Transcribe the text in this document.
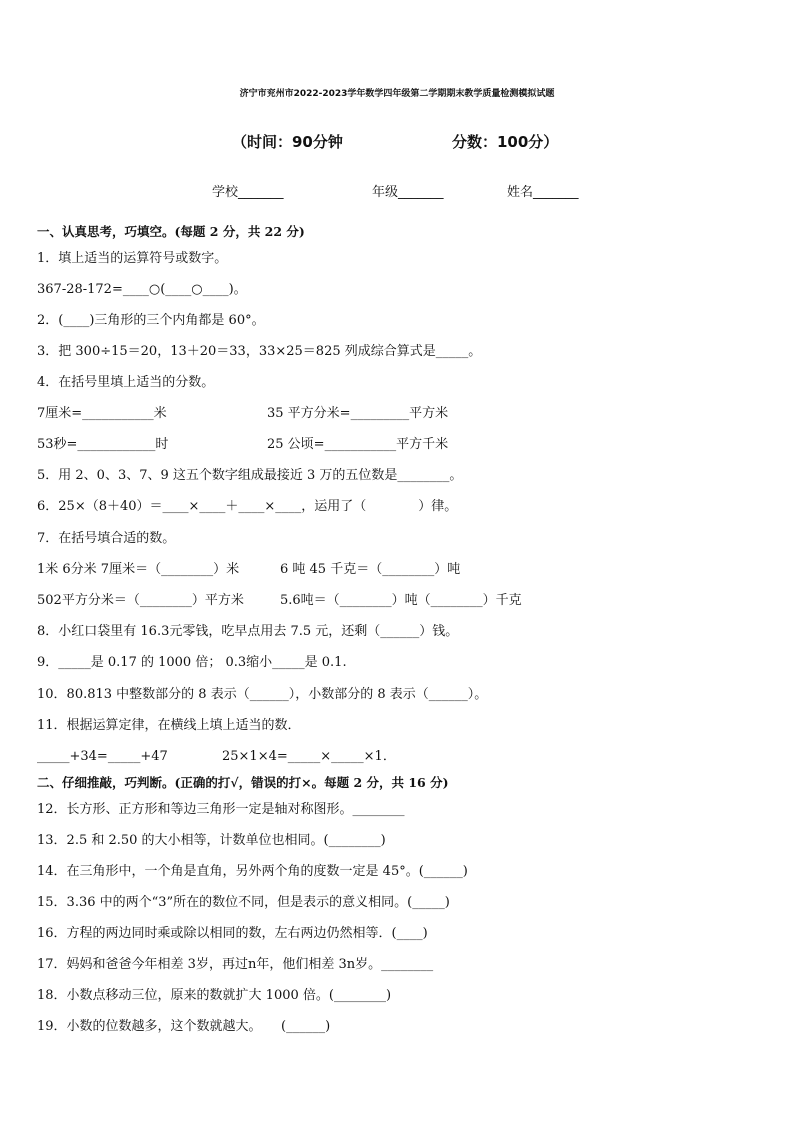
济宁市兖州市2022-2023学年数学四年级第二学期期末教学质量检测模拟试题
（时间：90分钟	分数：100分）
学校_______	年级_______	姓名_______
一、认真思考，巧填空。(每题 2 分，共 22 分)
1．填上适当的运算符号或数字。
367-28-172=____○(____○____)。
2．(____)三角形的三个内角都是 60°。
3．把 300÷15＝20，13＋20＝33，33×25＝825 列成综合算式是_____。
4．在括号里填上适当的分数。
7厘米=___________米	35 平方分米=_________平方米
53秒=____________时	25 公顷=___________平方千米
5．用 2、0、3、7、9 这五个数字组成最接近 3 万的五位数是________。
6．25×（8＋40）＝____×____＋____×____，运用了（　　　　）律。
7．在括号填合适的数。
1米 6分米 7厘米＝（________）米	6 吨 45 千克＝（________）吨
502平方分米＝（________）平方米	5.6吨＝（________）吨（________）千克
8．小红口袋里有 16.3元零钱，吃早点用去 7.5 元，还剩（______）钱。
9．_____是 0.17 的 1000 倍； 0.3缩小_____是 0.1.
10．80.813 中整数部分的 8 表示（______），小数部分的 8 表示（______）。
11．根据运算定律，在横线上填上适当的数．
_____+34=_____+47	25×1×4=_____×_____×1．
二、仔细推敲，巧判断。(正确的打√，错误的打×。每题 2 分，共 16 分)
12．长方形、正方形和等边三角形一定是轴对称图形。________
13．2.5 和 2.50 的大小相等，计数单位也相同。(________)
14．在三角形中，一个角是直角，另外两个角的度数一定是 45°。(______)
15．3.36 中的两个“3”所在的数位不同，但是表示的意义相同。(_____)
16．方程的两边同时乘或除以相同的数，左右两边仍然相等．(____)
17．妈妈和爸爸今年相差 3岁，再过n年，他们相差 3n岁。________
18．小数点移动三位，原来的数就扩大 1000 倍。(________)
19．小数的位数越多，这个数就越大。　　(______)
